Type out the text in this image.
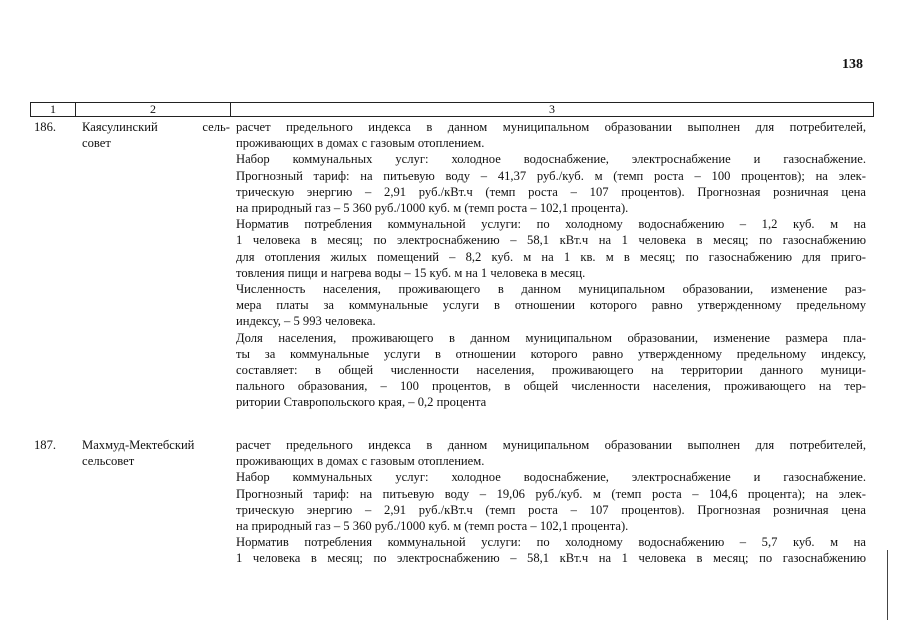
138
1	2	3
186. Каясулинский сель-
совет
расчет предельного индекса в данном муниципальном образовании выполнен для потребителей,
проживающих в домах с газовым отоплением.
Набор коммунальных услуг: холодное водоснабжение, электроснабжение и газоснабжение.
Прогнозный тариф: на питьевую воду – 41,37 руб./куб. м (темп роста – 100 процентов); на элек-
трическую энергию – 2,91 руб./кВт.ч (темп роста – 107 процентов). Прогнозная розничная цена
на природный газ – 5 360 руб./1000 куб. м (темп роста – 102,1 процента).
Норматив потребления коммунальной услуги: по холодному водоснабжению – 1,2 куб. м на
1 человека в месяц; по электроснабжению – 58,1 кВт.ч на 1 человека в месяц; по газоснабжению
для отопления жилых помещений – 8,2 куб. м на 1 кв. м в месяц; по газоснабжению для приго-
товления пищи и нагрева воды – 15 куб. м на 1 человека в месяц.
Численность населения, проживающего в данном муниципальном образовании, изменение раз-
мера платы за коммунальные услуги в отношении которого равно утвержденному предельному
индексу, – 5 993 человека.
Доля населения, проживающего в данном муниципальном образовании, изменение размера пла-
ты за коммунальные услуги в отношении которого равно утвержденному предельному индексу,
составляет: в общей численности населения, проживающего на территории данного муници-
пального образования, – 100 процентов, в общей численности населения, проживающего на тер-
ритории Ставропольского края, – 0,2 процента
187. Махмуд-Мектебский
сельсовет
расчет предельного индекса в данном муниципальном образовании выполнен для потребителей,
проживающих в домах с газовым отоплением.
Набор коммунальных услуг: холодное водоснабжение, электроснабжение и газоснабжение.
Прогнозный тариф: на питьевую воду – 19,06 руб./куб. м (темп роста – 104,6 процента); на элек-
трическую энергию – 2,91 руб./кВт.ч (темп роста – 107 процентов). Прогнозная розничная цена
на природный газ – 5 360 руб./1000 куб. м (темп роста – 102,1 процента).
Норматив потребления коммунальной услуги: по холодному водоснабжению – 5,7 куб. м на
1 человека в месяц; по электроснабжению – 58,1 кВт.ч на 1 человека в месяц; по газоснабжению
